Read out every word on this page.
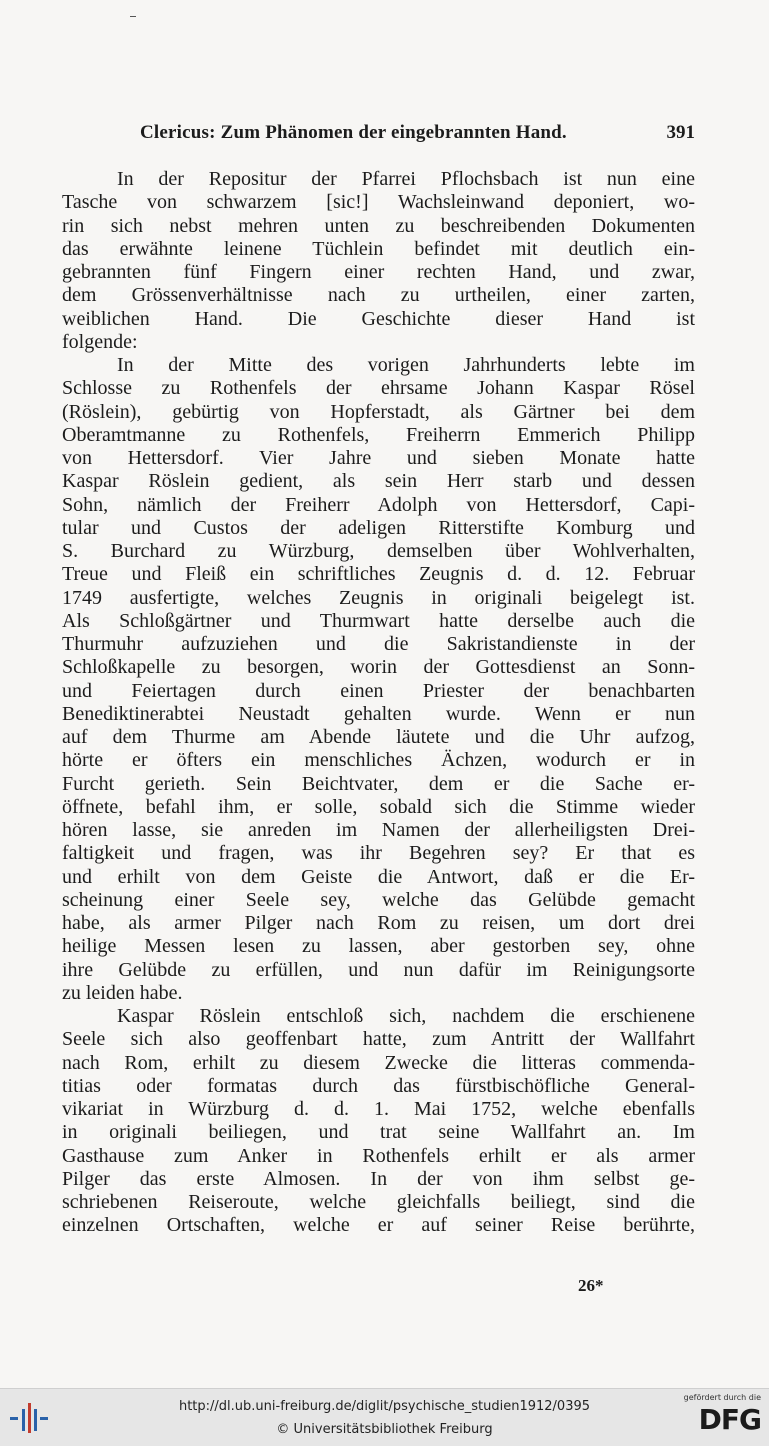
Clericus: Zum Phänomen der eingebrannten Hand.	391
In der Repositur der Pfarrei Pflochsbach ist nun eine
Tasche von schwarzem [sic!] Wachsleinwand deponiert, wo-
rin sich nebst mehren unten zu beschreibenden Dokumenten
das erwähnte leinene Tüchlein befindet mit deutlich ein-
gebrannten fünf Fingern einer rechten Hand, und zwar,
dem Grössenverhältnisse nach zu urtheilen, einer zarten,
weiblichen Hand. Die Geschichte dieser Hand ist
folgende:
In der Mitte des vorigen Jahrhunderts lebte im
Schlosse zu Rothenfels der ehrsame Johann Kaspar Rösel
(Röslein), gebürtig von Hopferstadt, als Gärtner bei dem
Oberamtmanne zu Rothenfels, Freiherrn Emmerich Philipp
von Hettersdorf. Vier Jahre und sieben Monate hatte
Kaspar Röslein gedient, als sein Herr starb und dessen
Sohn, nämlich der Freiherr Adolph von Hettersdorf, Capi-
tular und Custos der adeligen Ritterstifte Komburg und
S. Burchard zu Würzburg, demselben über Wohlverhalten,
Treue und Fleiß ein schriftliches Zeugnis d. d. 12. Februar
1749 ausfertigte, welches Zeugnis in originali beigelegt ist.
Als Schloßgärtner und Thurmwart hatte derselbe auch die
Thurmuhr aufzuziehen und die Sakristandienste in der
Schloßkapelle zu besorgen, worin der Gottesdienst an Sonn-
und Feiertagen durch einen Priester der benachbarten
Benediktinerabtei Neustadt gehalten wurde. Wenn er nun
auf dem Thurme am Abende läutete und die Uhr aufzog,
hörte er öfters ein menschliches Ächzen, wodurch er in
Furcht gerieth. Sein Beichtvater, dem er die Sache er-
öffnete, befahl ihm, er solle, sobald sich die Stimme wieder
hören lasse, sie anreden im Namen der allerheiligsten Drei-
faltigkeit und fragen, was ihr Begehren sey? Er that es
und erhilt von dem Geiste die Antwort, daß er die Er-
scheinung einer Seele sey, welche das Gelübde gemacht
habe, als armer Pilger nach Rom zu reisen, um dort drei
heilige Messen lesen zu lassen, aber gestorben sey, ohne
ihre Gelübde zu erfüllen, und nun dafür im Reinigungsorte
zu leiden habe.
Kaspar Röslein entschloß sich, nachdem die erschienene
Seele sich also geoffenbart hatte, zum Antritt der Wallfahrt
nach Rom, erhilt zu diesem Zwecke die litteras commenda-
titias oder formatas durch das fürstbischöfliche General-
vikariat in Würzburg d. d. 1. Mai 1752, welche ebenfalls
in originali beiliegen, und trat seine Wallfahrt an. Im
Gasthause zum Anker in Rothenfels erhilt er als armer
Pilger das erste Almosen. In der von ihm selbst ge-
schriebenen Reiseroute, welche gleichfalls beiliegt, sind die
einzelnen Ortschaften, welche er auf seiner Reise berührte,
26*
http://dl.ub.uni-freiburg.de/diglit/psychische_studien1912/0395
© Universitätsbibliothek Freiburg
gefördert durch die
DFG
